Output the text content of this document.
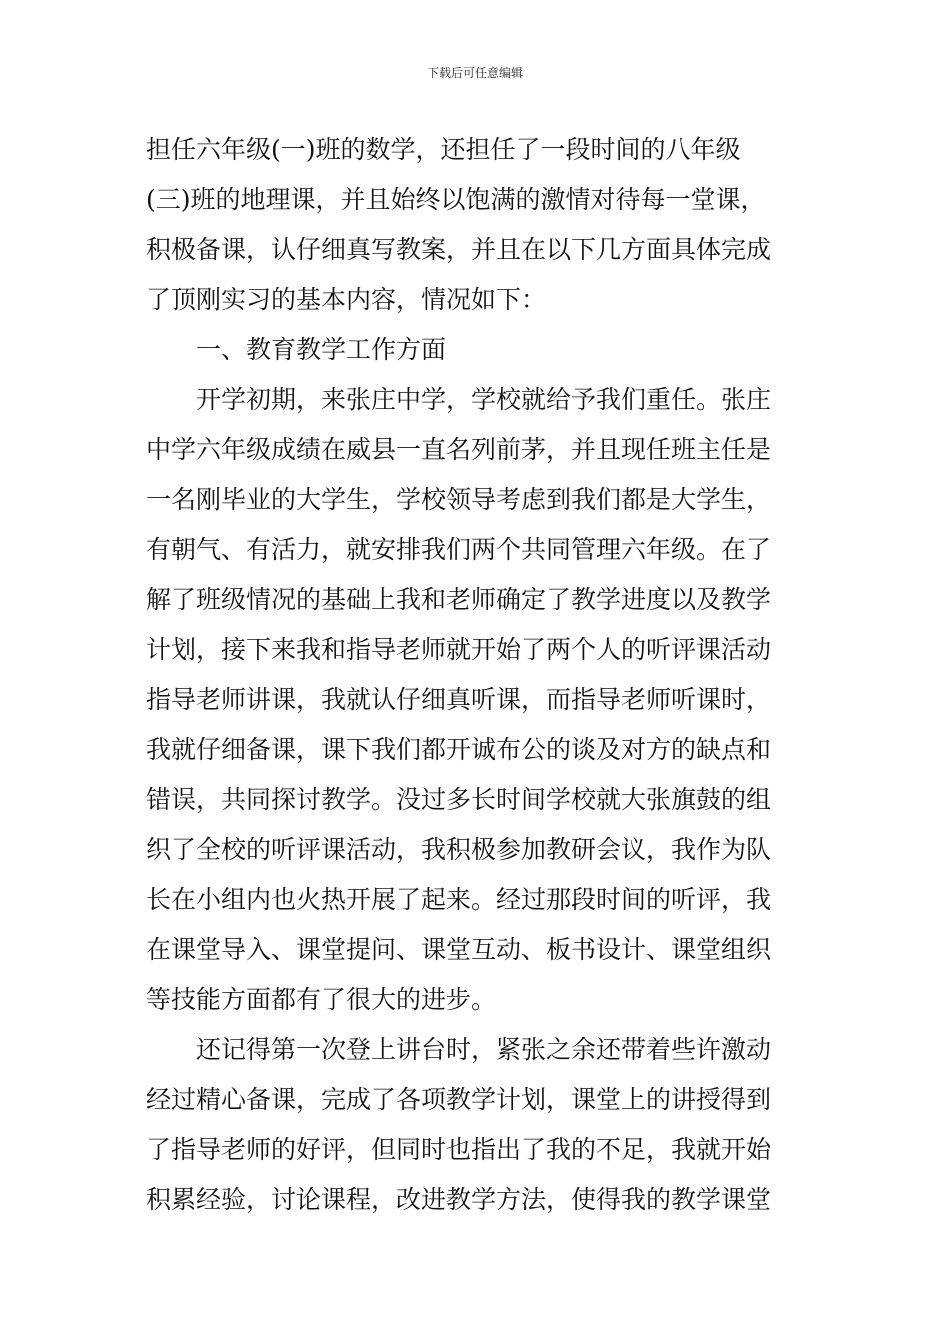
下载后可任意编辑
担任六年级(一)班的数学，还担任了一段时间的八年级
(三)班的地理课，并且始终以饱满的激情对待每一堂课，
积极备课，认仔细真写教案，并且在以下几方面具体完成
了顶刚实习的基本内容，情况如下：
一、教育教学工作方面
开学初期，来张庄中学，学校就给予我们重任。张庄
中学六年级成绩在威县一直名列前茅，并且现任班主任是
一名刚毕业的大学生，学校领导考虑到我们都是大学生，
有朝气、有活力，就安排我们两个共同管理六年级。在了
解了班级情况的基础上我和老师确定了教学进度以及教学
计划，接下来我和指导老师就开始了两个人的听评课活动
指导老师讲课，我就认仔细真听课，而指导老师听课时，
我就仔细备课，课下我们都开诚布公的谈及对方的缺点和
错误，共同探讨教学。没过多长时间学校就大张旗鼓的组
织了全校的听评课活动，我积极参加教研会议，我作为队
长在小组内也火热开展了起来。经过那段时间的听评，我
在课堂导入、课堂提问、课堂互动、板书设计、课堂组织
等技能方面都有了很大的进步。
还记得第一次登上讲台时，紧张之余还带着些许激动
经过精心备课，完成了各项教学计划，课堂上的讲授得到
了指导老师的好评，但同时也指出了我的不足，我就开始
积累经验，讨论课程，改进教学方法，使得我的教学课堂
